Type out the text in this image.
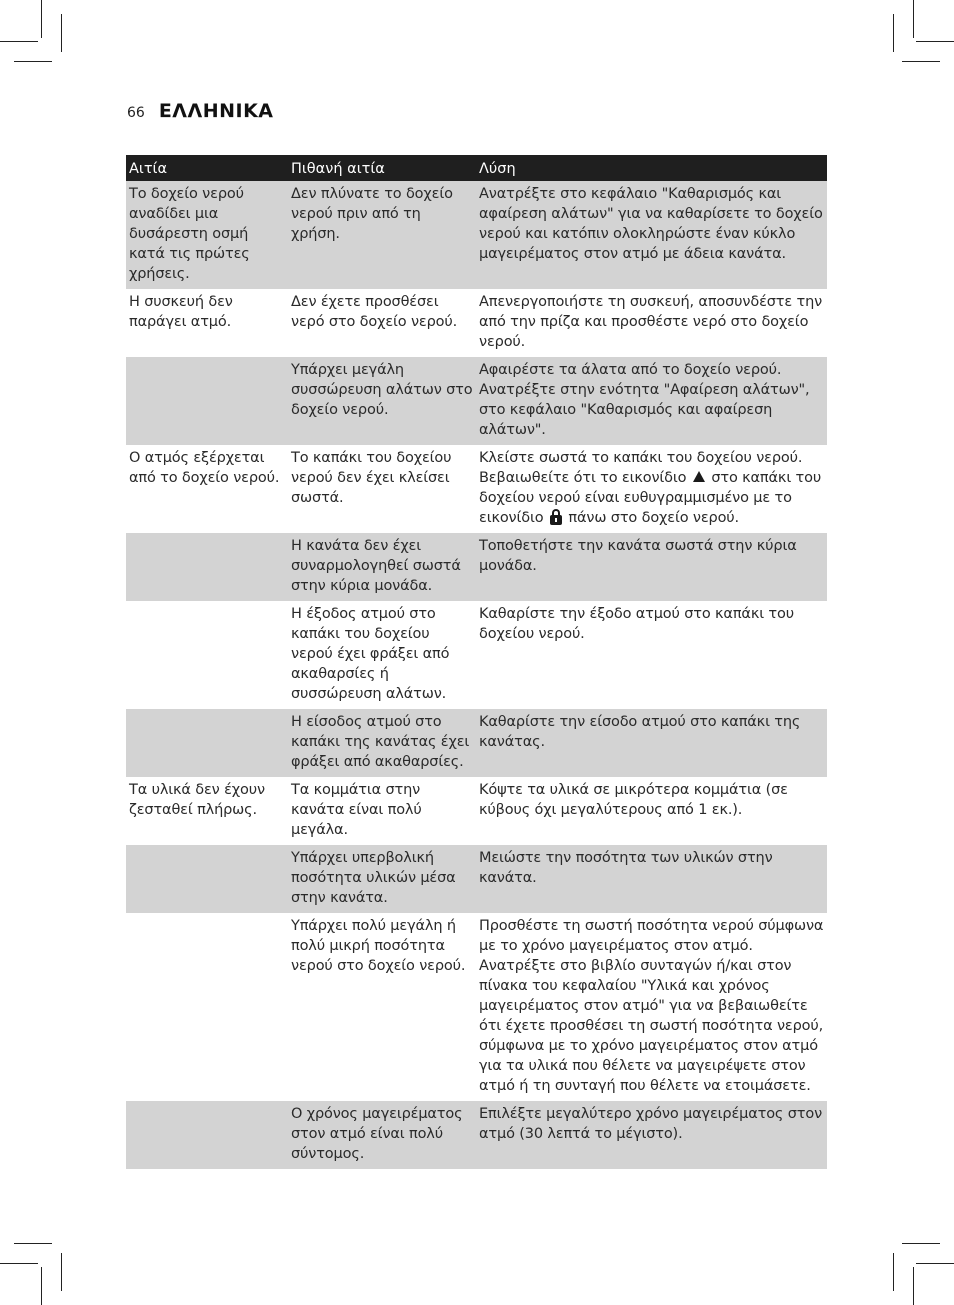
66 ΕΛΛΗΝΙΚΑ
Αιτία	Πιθανή αιτία	Λύση
Το δοχείο νερού αναδίδει μια δυσάρεστη οσμή κατά τις πρώτες χρήσεις.	Δεν πλύνατε το δοχείο νερού πριν από τη χρήση.	Ανατρέξτε στο κεφάλαιο "Καθαρισμός και αφαίρεση αλάτων" για να καθαρίσετε το δοχείο νερού και κατόπιν ολοκληρώστε έναν κύκλο μαγειρέματος στον ατμό με άδεια κανάτα.
Η συσκευή δεν παράγει ατμό.	Δεν έχετε προσθέσει νερό στο δοχείο νερού.	Απενεργοποιήστε τη συσκευή, αποσυνδέστε την από την πρίζα και προσθέστε νερό στο δοχείο νερού.
	Υπάρχει μεγάλη συσσώρευση αλάτων στο δοχείο νερού.	Αφαιρέστε τα άλατα από το δοχείο νερού. Ανατρέξτε στην ενότητα "Αφαίρεση αλάτων", στο κεφάλαιο "Καθαρισμός και αφαίρεση αλάτων".
Ο ατμός εξέρχεται από το δοχείο νερού.	Το καπάκι του δοχείου νερού δεν έχει κλείσει σωστά.	Κλείστε σωστά το καπάκι του δοχείου νερού. Βεβαιωθείτε ότι το εικονίδιο στο καπάκι του δοχείου νερού είναι ευθυγραμμισμένο με το εικονίδιο πάνω στο δοχείο νερού.
	Η κανάτα δεν έχει συναρμολογηθεί σωστά στην κύρια μονάδα.	Τοποθετήστε την κανάτα σωστά στην κύρια μονάδα.
	Η έξοδος ατμού στο καπάκι του δοχείου νερού έχει φράξει από ακαθαρσίες ή συσσώρευση αλάτων.	Καθαρίστε την έξοδο ατμού στο καπάκι του δοχείου νερού.
	Η είσοδος ατμού στο καπάκι της κανάτας έχει φράξει από ακαθαρσίες.	Καθαρίστε την είσοδο ατμού στο καπάκι της κανάτας.
Τα υλικά δεν έχουν ζεσταθεί πλήρως.	Τα κομμάτια στην κανάτα είναι πολύ μεγάλα.	Κόψτε τα υλικά σε μικρότερα κομμάτια (σε κύβους όχι μεγαλύτερους από 1 εκ.).
	Υπάρχει υπερβολική ποσότητα υλικών μέσα στην κανάτα.	Μειώστε την ποσότητα των υλικών στην κανάτα.
	Υπάρχει πολύ μεγάλη ή πολύ μικρή ποσότητα νερού στο δοχείο νερού.	Προσθέστε τη σωστή ποσότητα νερού σύμφωνα με το χρόνο μαγειρέματος στον ατμό. Ανατρέξτε στο βιβλίο συνταγών ή/και στον πίνακα του κεφαλαίου "Υλικά και χρόνος μαγειρέματος στον ατμό" για να βεβαιωθείτε ότι έχετε προσθέσει τη σωστή ποσότητα νερού, σύμφωνα με το χρόνο μαγειρέματος στον ατμό για τα υλικά που θέλετε να μαγειρέψετε στον ατμό ή τη συνταγή που θέλετε να ετοιμάσετε.
	Ο χρόνος μαγειρέματος στον ατμό είναι πολύ σύντομος.	Επιλέξτε μεγαλύτερο χρόνο μαγειρέματος στον ατμό (30 λεπτά το μέγιστο).
